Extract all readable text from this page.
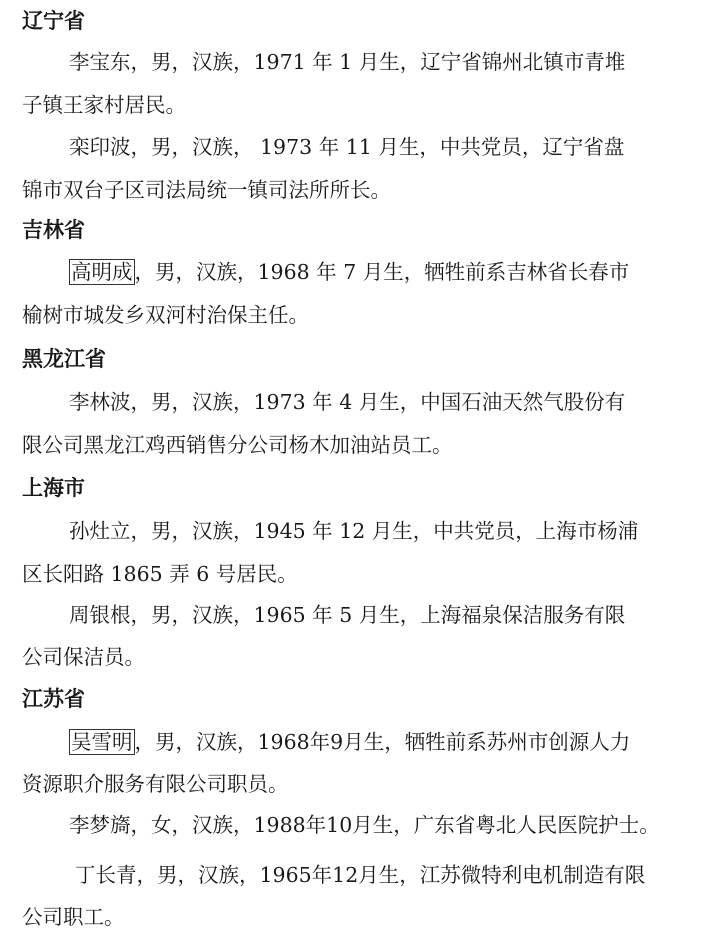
辽宁省
李宝东，男，汉族，1971 年 1 月生，辽宁省锦州北镇市青堆
子镇王家村居民。
栾印波，男，汉族， 1973 年 11 月生，中共党员，辽宁省盘
锦市双台子区司法局统一镇司法所所长。
吉林省
高明成，男，汉族，1968 年 7 月生，牺牲前系吉林省长春市
榆树市城发乡双河村治保主任。
黑龙江省
李林波，男，汉族，1973 年 4 月生，中国石油天然气股份有
限公司黑龙江鸡西销售分公司杨木加油站员工。
上海市
孙灶立，男，汉族，1945 年 12 月生，中共党员，上海市杨浦
区长阳路 1865 弄 6 号居民。
周银根，男，汉族，1965 年 5 月生，上海福泉保洁服务有限
公司保洁员。
江苏省
吴雪明，男，汉族，1968年9月生，牺牲前系苏州市创源人力
资源职介服务有限公司职员。
李梦旖，女，汉族，1988年10月生，广东省粤北人民医院护士。
丁长青，男，汉族，1965年12月生，江苏微特利电机制造有限
公司职工。
